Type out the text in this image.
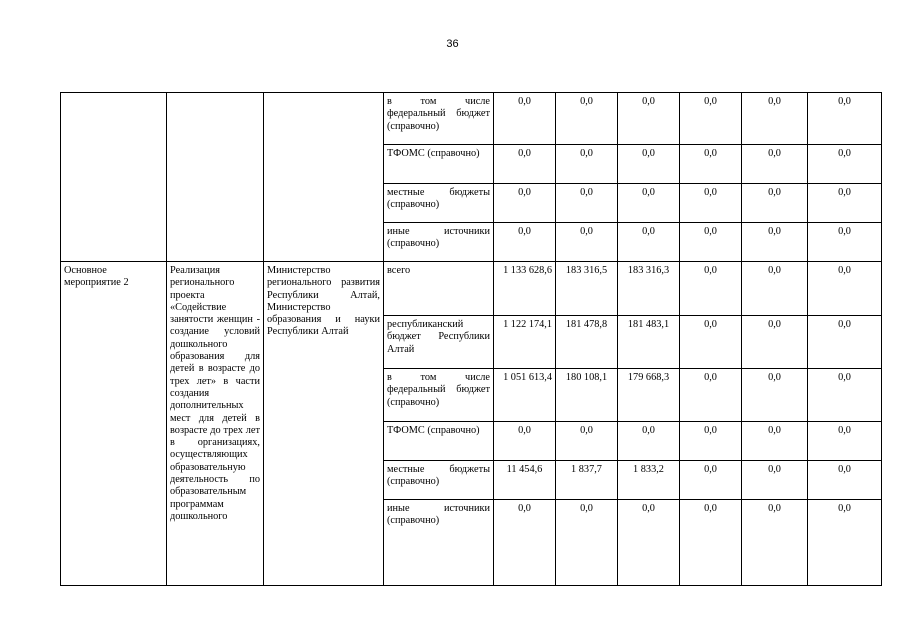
36
			в том числе федеральный бюджет (справочно)	0,0	0,0	0,0	0,0	0,0	0,0
			ТФОМС (справочно)	0,0	0,0	0,0	0,0	0,0	0,0
			местные бюджеты (справочно)	0,0	0,0	0,0	0,0	0,0	0,0
			иные источники (справочно)	0,0	0,0	0,0	0,0	0,0	0,0
Основное мероприятие 2	Реализация регионального проекта «Содействие занятости женщин - создание условий дошкольного образования для детей в возрасте до трех лет» в части создания дополнительных мест для детей в возрасте до трех лет в организациях, осуществляющих образовательную деятельность по образовательным программам дошкольного	Министерство регионального развития Республики Алтай, Министерство образования и науки Республики Алтай	всего	1 133 628,6	183 316,5	183 316,3	0,0	0,0	0,0
			республиканский бюджет Республики Алтай	1 122 174,1	181 478,8	181 483,1	0,0	0,0	0,0
			в том числе федеральный бюджет (справочно)	1 051 613,4	180 108,1	179 668,3	0,0	0,0	0,0
			ТФОМС (справочно)	0,0	0,0	0,0	0,0	0,0	0,0
			местные бюджеты (справочно)	11 454,6	1 837,7	1 833,2	0,0	0,0	0,0
			иные источники (справочно)	0,0	0,0	0,0	0,0	0,0	0,0
